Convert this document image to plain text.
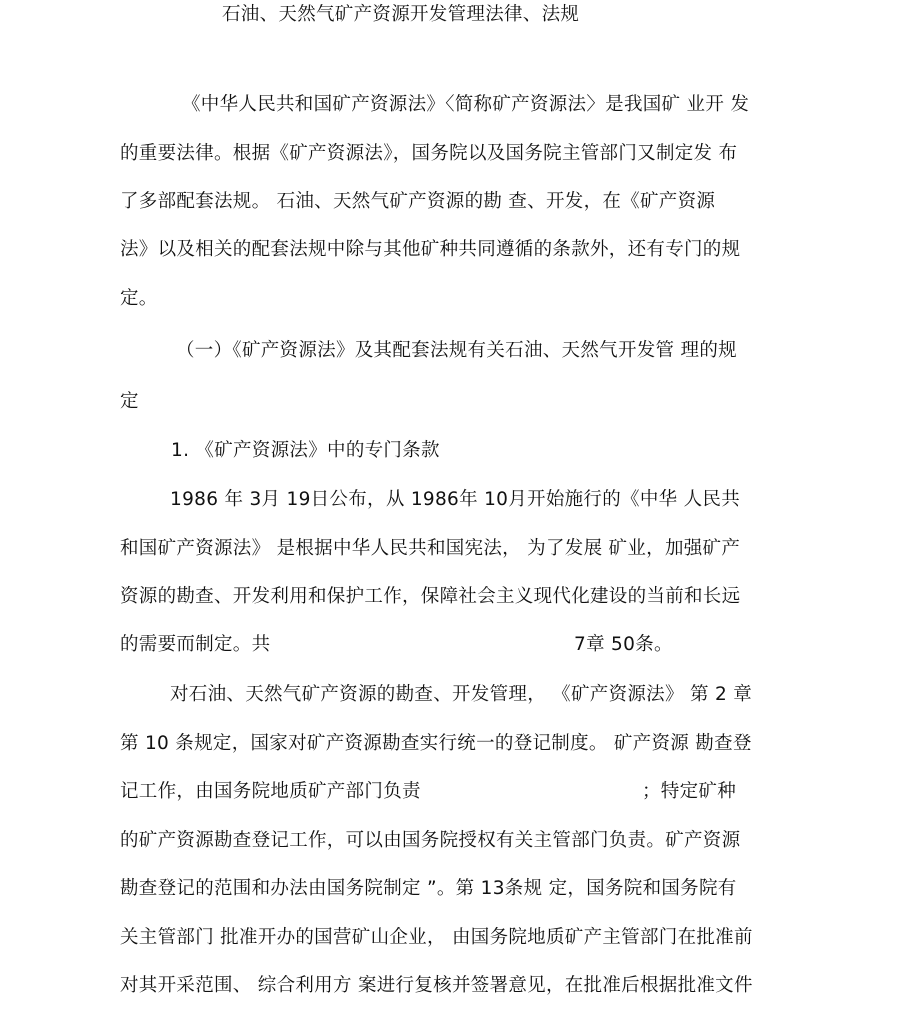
石油、天然气矿产资源开发管理法律、法规
《中华人民共和国矿产资源法》〈简称矿产资源法〉是我国矿 业开 发
的重要法律。根据《矿产资源法》，国务院以及国务院主管部门又制定发 布
了多部配套法规。 石油、天然气矿产资源的勘 查、开发，在《矿产资源
法》以及相关的配套法规中除与其他矿种共同遵循的条款外，还有专门的规
定。
（一）《矿产资源法》及其配套法规有关石油、天然气开发管 理的规
定
1. 《矿产资源法》中的专门条款
1986 年 3月 19日公布，从 1986年 10月开始施行的《中华 人民共
和国矿产资源法》 是根据中华人民共和国宪法， 为了发展 矿业，加强矿产
资源的勘查、开发利用和保护工作，保障社会主义现代化建设的当前和长远
的需要而制定。共	7章 50条。
对石油、天然气矿产资源的勘查、开发管理， 《矿产资源法》 第 2 章
第 10 条规定，国家对矿产资源勘查实行统一的登记制度。 矿产资源 勘查登
记工作，由国务院地质矿产部门负责	；特定矿种
的矿产资源勘查登记工作，可以由国务院授权有关主管部门负责。矿产资源
勘查登记的范围和办法由国务院制定 ”。第 13条规 定，国务院和国务院有
关主管部门 批准开办的国营矿山企业， 由国务院地质矿产主管部门在批准前
对其开采范围、 综合利用方 案进行复核并签署意见，在批准后根据批准文件
